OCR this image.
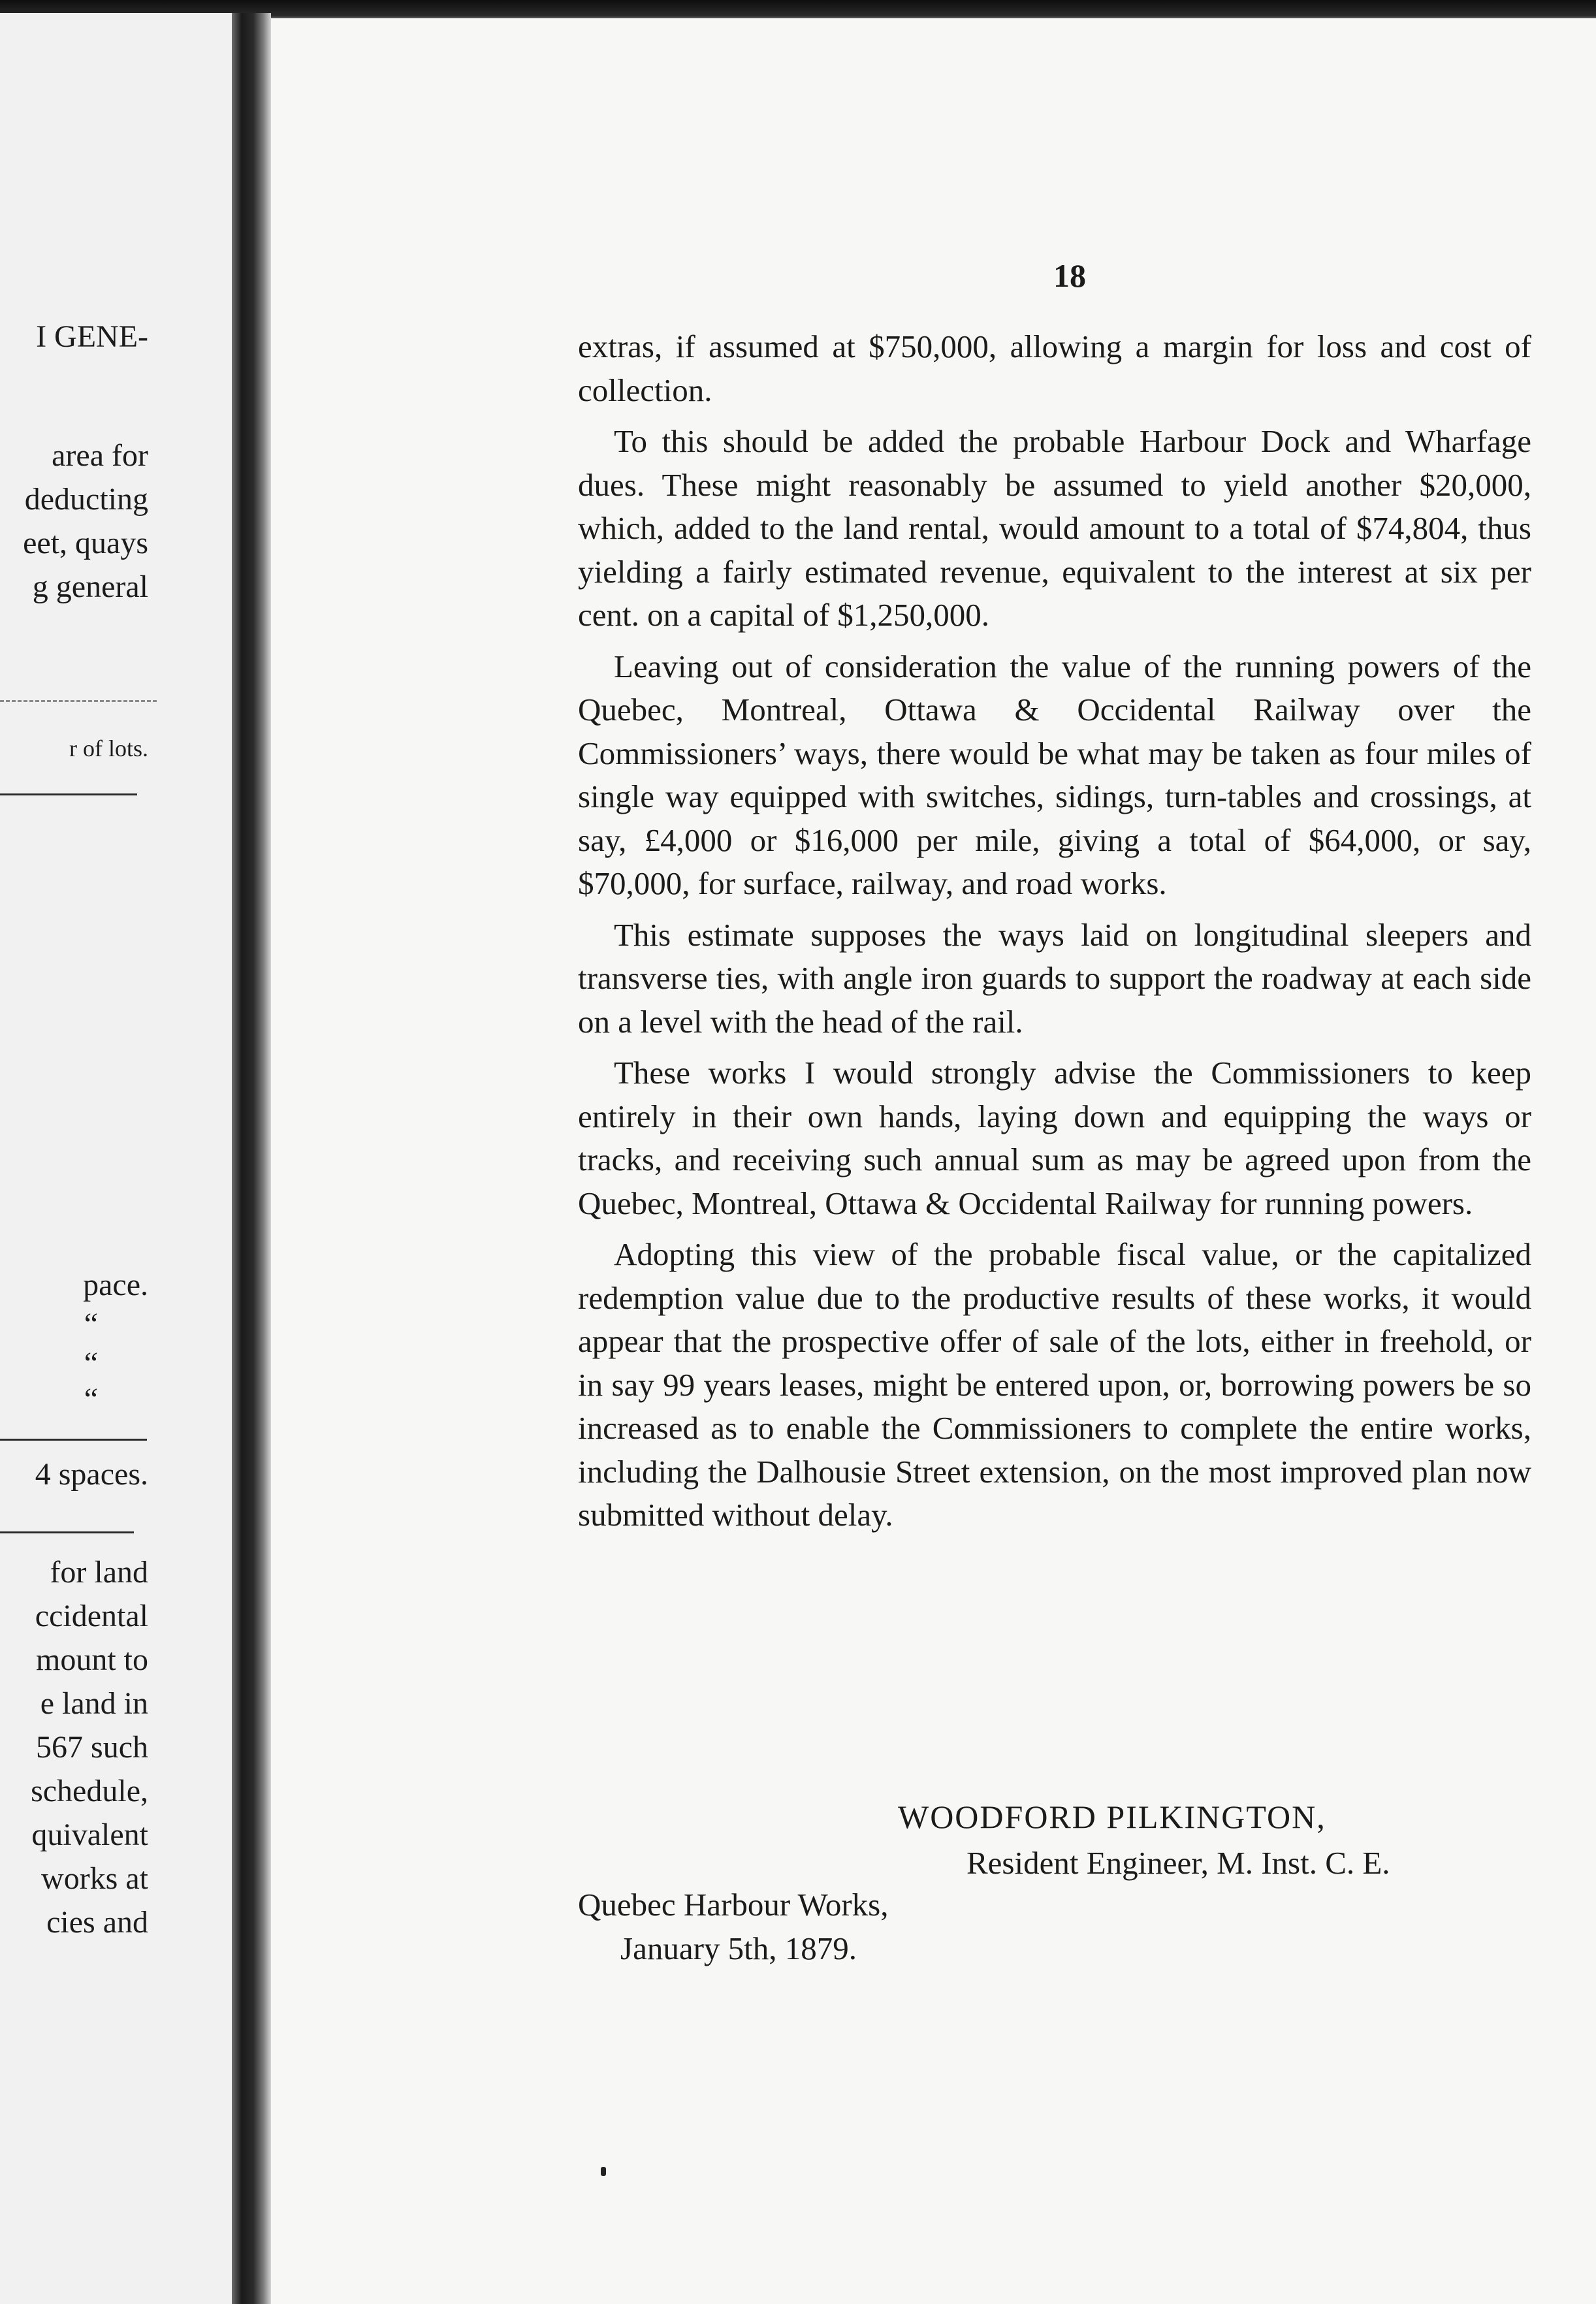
I GENE-
area for
deducting
eet, quays
g general
r of lots.
pace.
“
“
“
4 spaces.
for land
ccidental
mount to
e land in
567 such
schedule,
quivalent
works at
cies and
18

extras, if assumed at $750,000, allowing a margin for loss and cost of collection.

To this should be added the probable Harbour Dock and Wharfage dues. These might reasonably be assumed to yield another $20,000, which, added to the land rental, would amount to a total of $74,804, thus yielding a fairly estimated revenue, equivalent to the interest at six per cent. on a capital of $1,250,000.

Leaving out of consideration the value of the running powers of the Quebec, Montreal, Ottawa & Occidental Railway over the Commissioners’ ways, there would be what may be taken as four miles of single way equipped with switches, sidings, turn-tables and crossings, at say, £4,000 or $16,000 per mile, giving a total of $64,000, or say, $70,000, for surface, railway, and road works.

This estimate supposes the ways laid on longitudinal sleepers and transverse ties, with angle iron guards to support the roadway at each side on a level with the head of the rail.

These works I would strongly advise the Commissioners to keep entirely in their own hands, laying down and equipping the ways or tracks, and receiving such annual sum as may be agreed upon from the Quebec, Montreal, Ottawa & Occidental Railway for running powers.

Adopting this view of the probable fiscal value, or the capitalized redemption value due to the productive results of these works, it would appear that the prospective offer of sale of the lots, either in freehold, or in say 99 years leases, might be entered upon, or, borrowing powers be so increased as to enable the Commissioners to complete the entire works, including the Dalhousie Street extension, on the most improved plan now submitted without delay.

WOODFORD PILKINGTON,
Resident Engineer, M. Inst. C. E.
Quebec Harbour Works,
January 5th, 1879.
